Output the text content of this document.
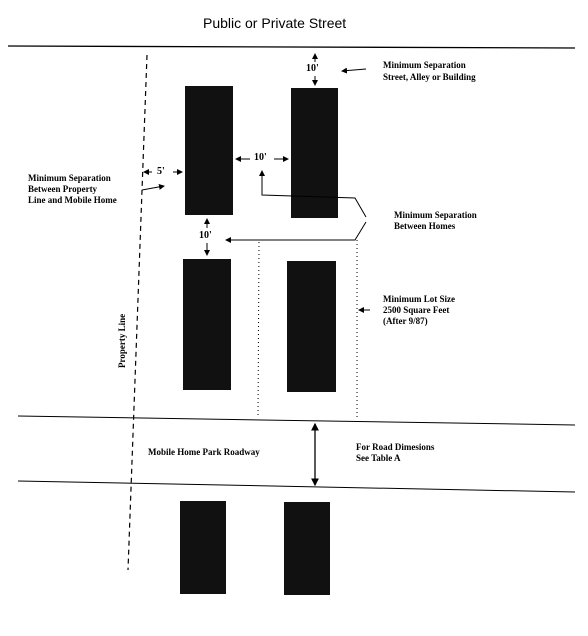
Public or Private Street
Minimum Separation
Street, Alley or Building
10'
Minimum Separation
Between Property
Line and Mobile Home
5'
10'
10'
Minimum Separation
Between Homes
Minimum Lot Size
2500 Square Feet
(After 9/87)
Property Line
Mobile Home Park Roadway	For Road Dimesions
See Table A
